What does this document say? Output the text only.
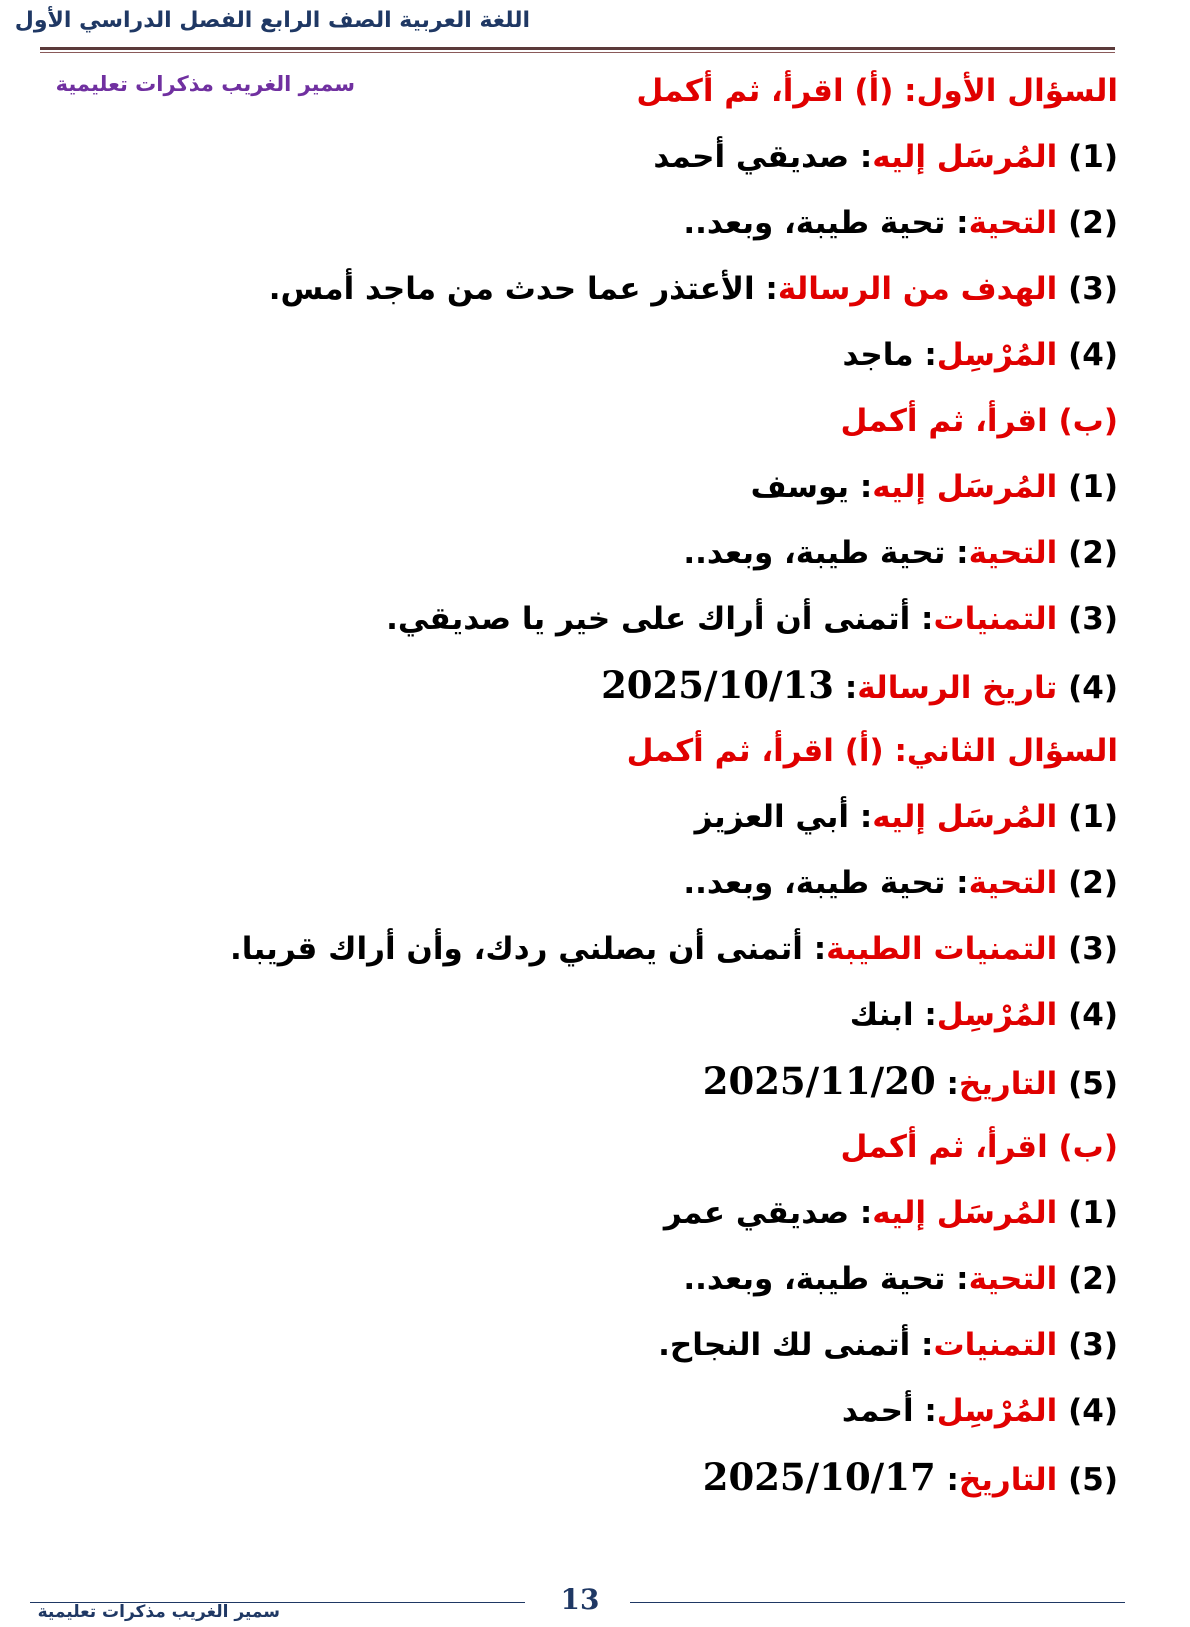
اللغة العربية الصف الرابع الفصل الدراسي الأول
سمير الغريب مذكرات تعليمية	السؤال الأول: (أ) اقرأ، ثم أكمل
(1) المُرسَل إليه: صديقي أحمد
(2) التحية: تحية طيبة، وبعد..
(3) الهدف من الرسالة: الأعتذر عما حدث من ماجد أمس.
(4) المُرْسِل: ماجد
(ب) اقرأ، ثم أكمل
(1) المُرسَل إليه: يوسف
(2) التحية: تحية طيبة، وبعد..
(3) التمنيات: أتمنى أن أراك على خير يا صديقي.
(4) تاريخ الرسالة: 2025/10/13
السؤال الثاني: (أ) اقرأ، ثم أكمل
(1) المُرسَل إليه: أبي العزيز
(2) التحية: تحية طيبة، وبعد..
(3) التمنيات الطيبة: أتمنى أن يصلني ردك، وأن أراك قريبا.
(4) المُرْسِل: ابنك
(5) التاريخ: 2025/11/20
(ب) اقرأ، ثم أكمل
(1) المُرسَل إليه: صديقي عمر
(2) التحية: تحية طيبة، وبعد..
(3) التمنيات: أتمنى لك النجاح.
(4) المُرْسِل: أحمد
(5) التاريخ: 2025/10/17
13
سمير الغريب مذكرات تعليمية
